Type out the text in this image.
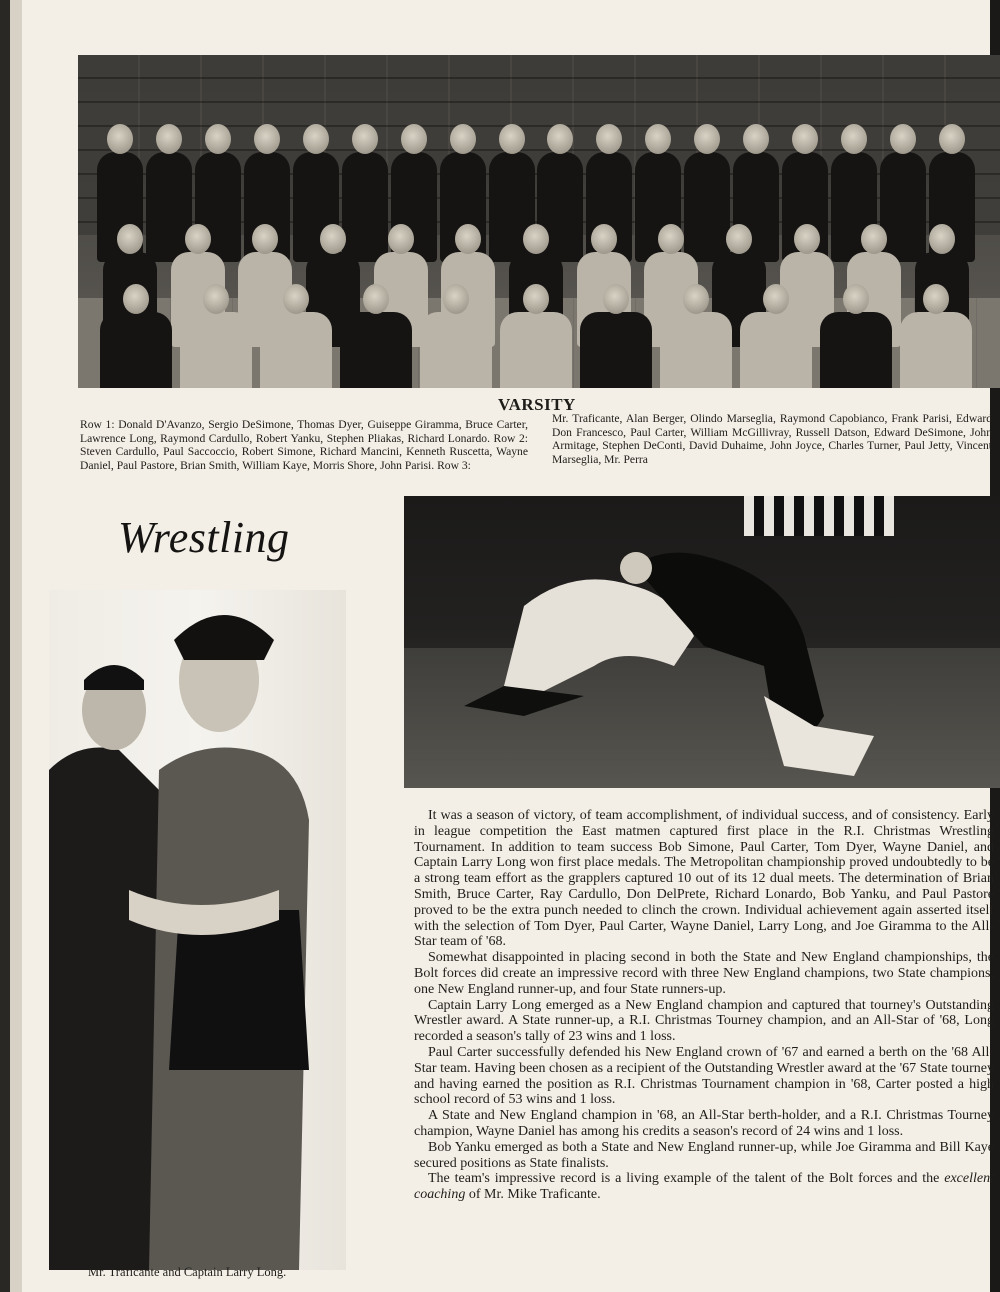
VARSITY
Row 1: Donald D'Avanzo, Sergio DeSimone, Thomas Dyer, Guiseppe Giramma, Bruce Carter, Lawrence Long, Raymond Cardullo, Robert Yanku, Stephen Pliakas, Richard Lonardo. Row 2: Steven Cardullo, Paul Saccoccio, Robert Simone, Richard Mancini, Kenneth Ruscetta, Wayne Daniel, Paul Pastore, Brian Smith, William Kaye, Morris Shore, John Parisi. Row 3:
Mr. Traficante, Alan Berger, Olindo Marseglia, Raymond Capobianco, Frank Parisi, Edward Don Francesco, Paul Carter, William McGillivray, Russell Datson, Edward DeSimone, John Armitage, Stephen DeConti, David Duhaime, John Joyce, Charles Turner, Paul Jetty, Vincent Marseglia, Mr. Perra
Wrestling
Mr. Traficante and Captain Larry Long.

It was a season of victory, of team accomplishment, of individual success, and of consistency. Early in league competition the East matmen captured first place in the R.I. Christmas Wrestling Tournament. In addition to team success Bob Simone, Paul Carter, Tom Dyer, Wayne Daniel, and Captain Larry Long won first place medals. The Metropolitan championship proved undoubtedly to be a strong team effort as the grapplers captured 10 out of its 12 dual meets. The determination of Brian Smith, Bruce Carter, Ray Cardullo, Don DelPrete, Richard Lonardo, Bob Yanku, and Paul Pastore proved to be the extra punch needed to clinch the crown. Individual achievement again asserted itself with the selection of Tom Dyer, Paul Carter, Wayne Daniel, Larry Long, and Joe Giramma to the All-Star team of '68.

Somewhat disappointed in placing second in both the State and New England championships, the Bolt forces did create an impressive record with three New England champions, two State champions, one New England runner-up, and four State runners-up.

Captain Larry Long emerged as a New England champion and captured that tourney's Outstanding Wrestler award. A State runner-up, a R.I. Christmas Tourney champion, and an All-Star of '68, Long recorded a season's tally of 23 wins and 1 loss.

Paul Carter successfully defended his New England crown of '67 and earned a berth on the '68 All-Star team. Having been chosen as a recipient of the Outstanding Wrestler award at the '67 State tourney and having earned the position as R.I. Christmas Tournament champion in '68, Carter posted a high school record of 53 wins and 1 loss.

A State and New England champion in '68, an All-Star berth-holder, and a R.I. Christmas Tourney champion, Wayne Daniel has among his credits a season's record of 24 wins and 1 loss.

Bob Yanku emerged as both a State and New England runner-up, while Joe Giramma and Bill Kaye secured positions as State finalists.

The team's impressive record is a living example of the talent of the Bolt forces and the excellent coaching of Mr. Mike Traficante.
